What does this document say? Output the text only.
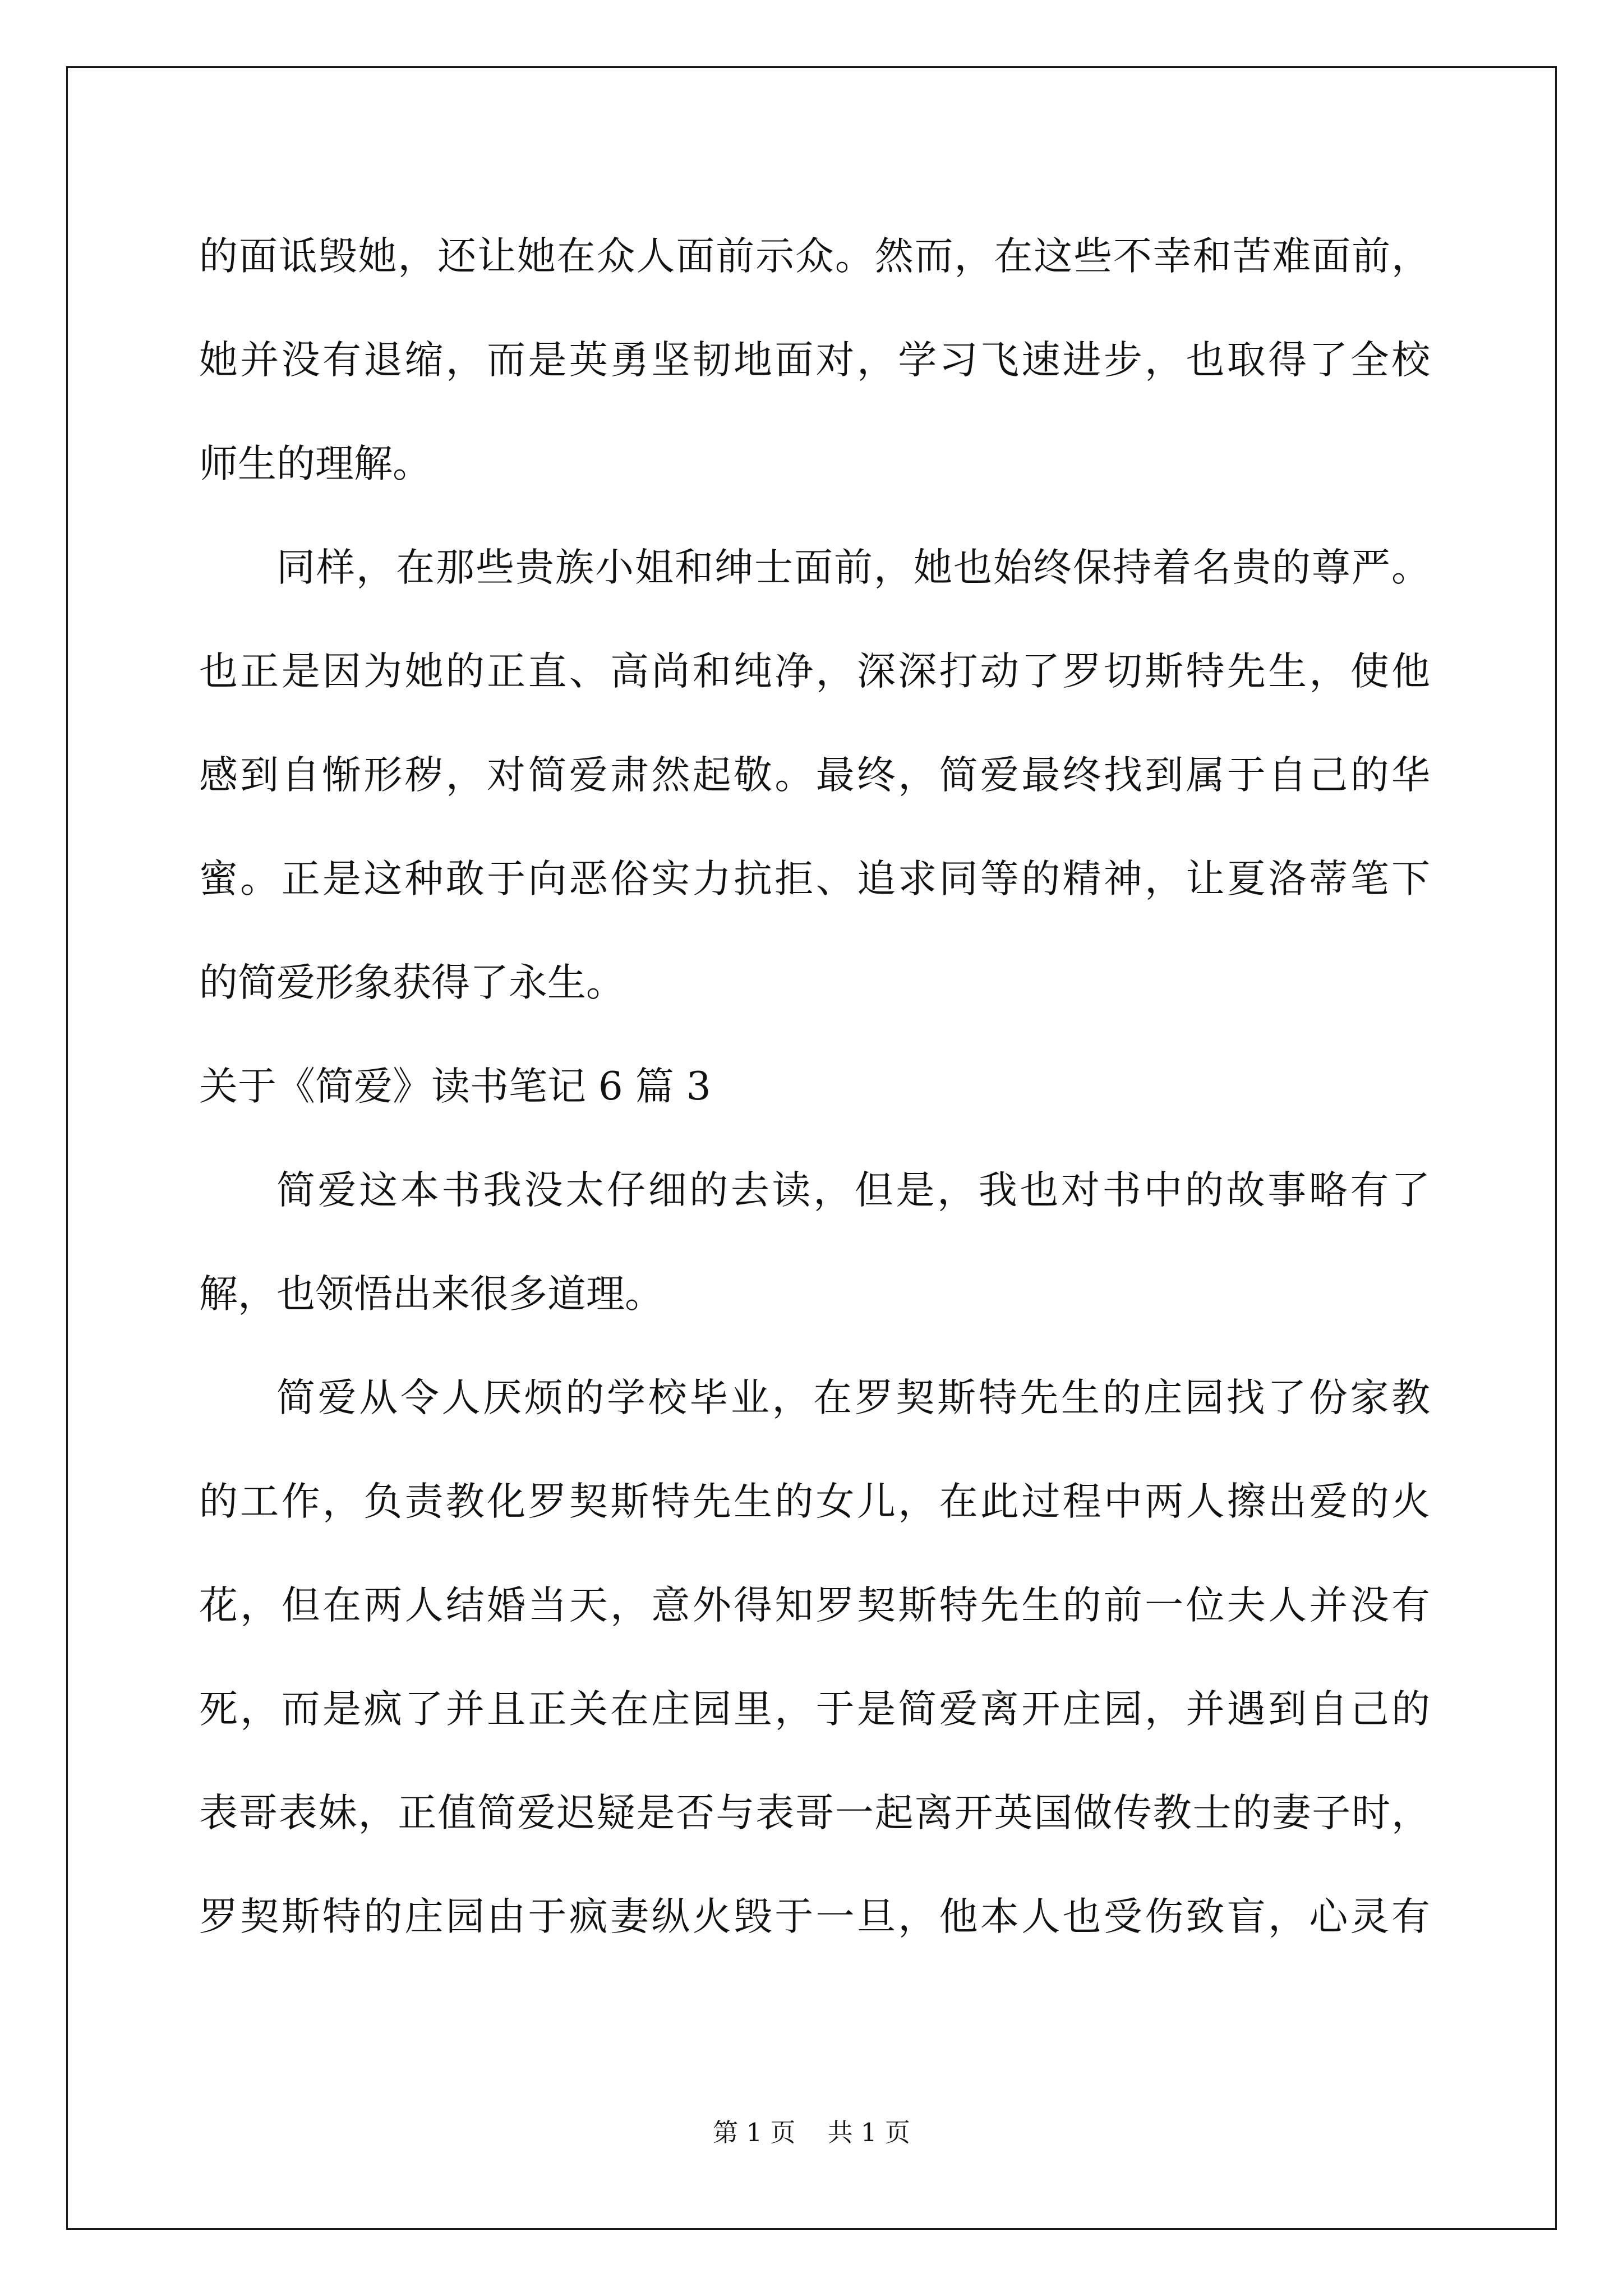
的面诋毁她，还让她在众人面前示众。然而，在这些不幸和苦难面前，
她并没有退缩，而是英勇坚韧地面对，学习飞速进步，也取得了全校
师生的理解。
同样，在那些贵族小姐和绅士面前，她也始终保持着名贵的尊严。
也正是因为她的正直、高尚和纯净，深深打动了罗切斯特先生，使他
感到自惭形秽，对简爱肃然起敬。最终，简爱最终找到属于自己的华
蜜。正是这种敢于向恶俗实力抗拒、追求同等的精神，让夏洛蒂笔下
的简爱形象获得了永生。
关于《简爱》读书笔记 6 篇 3
简爱这本书我没太仔细的去读，但是，我也对书中的故事略有了
解，也领悟出来很多道理。
简爱从令人厌烦的学校毕业，在罗契斯特先生的庄园找了份家教
的工作，负责教化罗契斯特先生的女儿，在此过程中两人擦出爱的火
花，但在两人结婚当天，意外得知罗契斯特先生的前一位夫人并没有
死，而是疯了并且正关在庄园里，于是简爱离开庄园，并遇到自己的
表哥表妹，正值简爱迟疑是否与表哥一起离开英国做传教士的妻子时，
罗契斯特的庄园由于疯妻纵火毁于一旦，他本人也受伤致盲，心灵有
第 1 页 共 1 页
